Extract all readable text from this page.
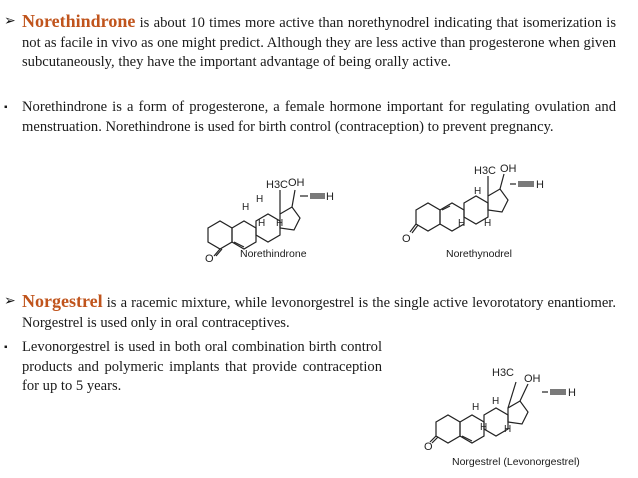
➢ Norethindrone is about 10 times more active than norethynodrel indicating that isomerization is not as facile in vivo as one might predict. Although they are less active than progesterone when given subcutaneously, they have the important advantage of being orally active.
▪ Norethindrone is a form of progesterone, a female hormone important for regulating ovulation and menstruation. Norethindrone is used for birth control (contraception) to prevent pregnancy.
O
H3C OH
H
H
H
H H
Norethindrone
O
H3C OH
H
H
H
H
Norethynodrel
➢ Norgestrel is a racemic mixture, while levonorgestrel is the single active levorotatory enantiomer. Norgestrel is used only in oral contraceptives.
▪ Levonorgestrel is used in both oral combination birth control products and polymeric implants that provide contraception for up to 5 years.
O
H3C OH
H
H
H
H H
Norgestrel (Levonorgestrel)
